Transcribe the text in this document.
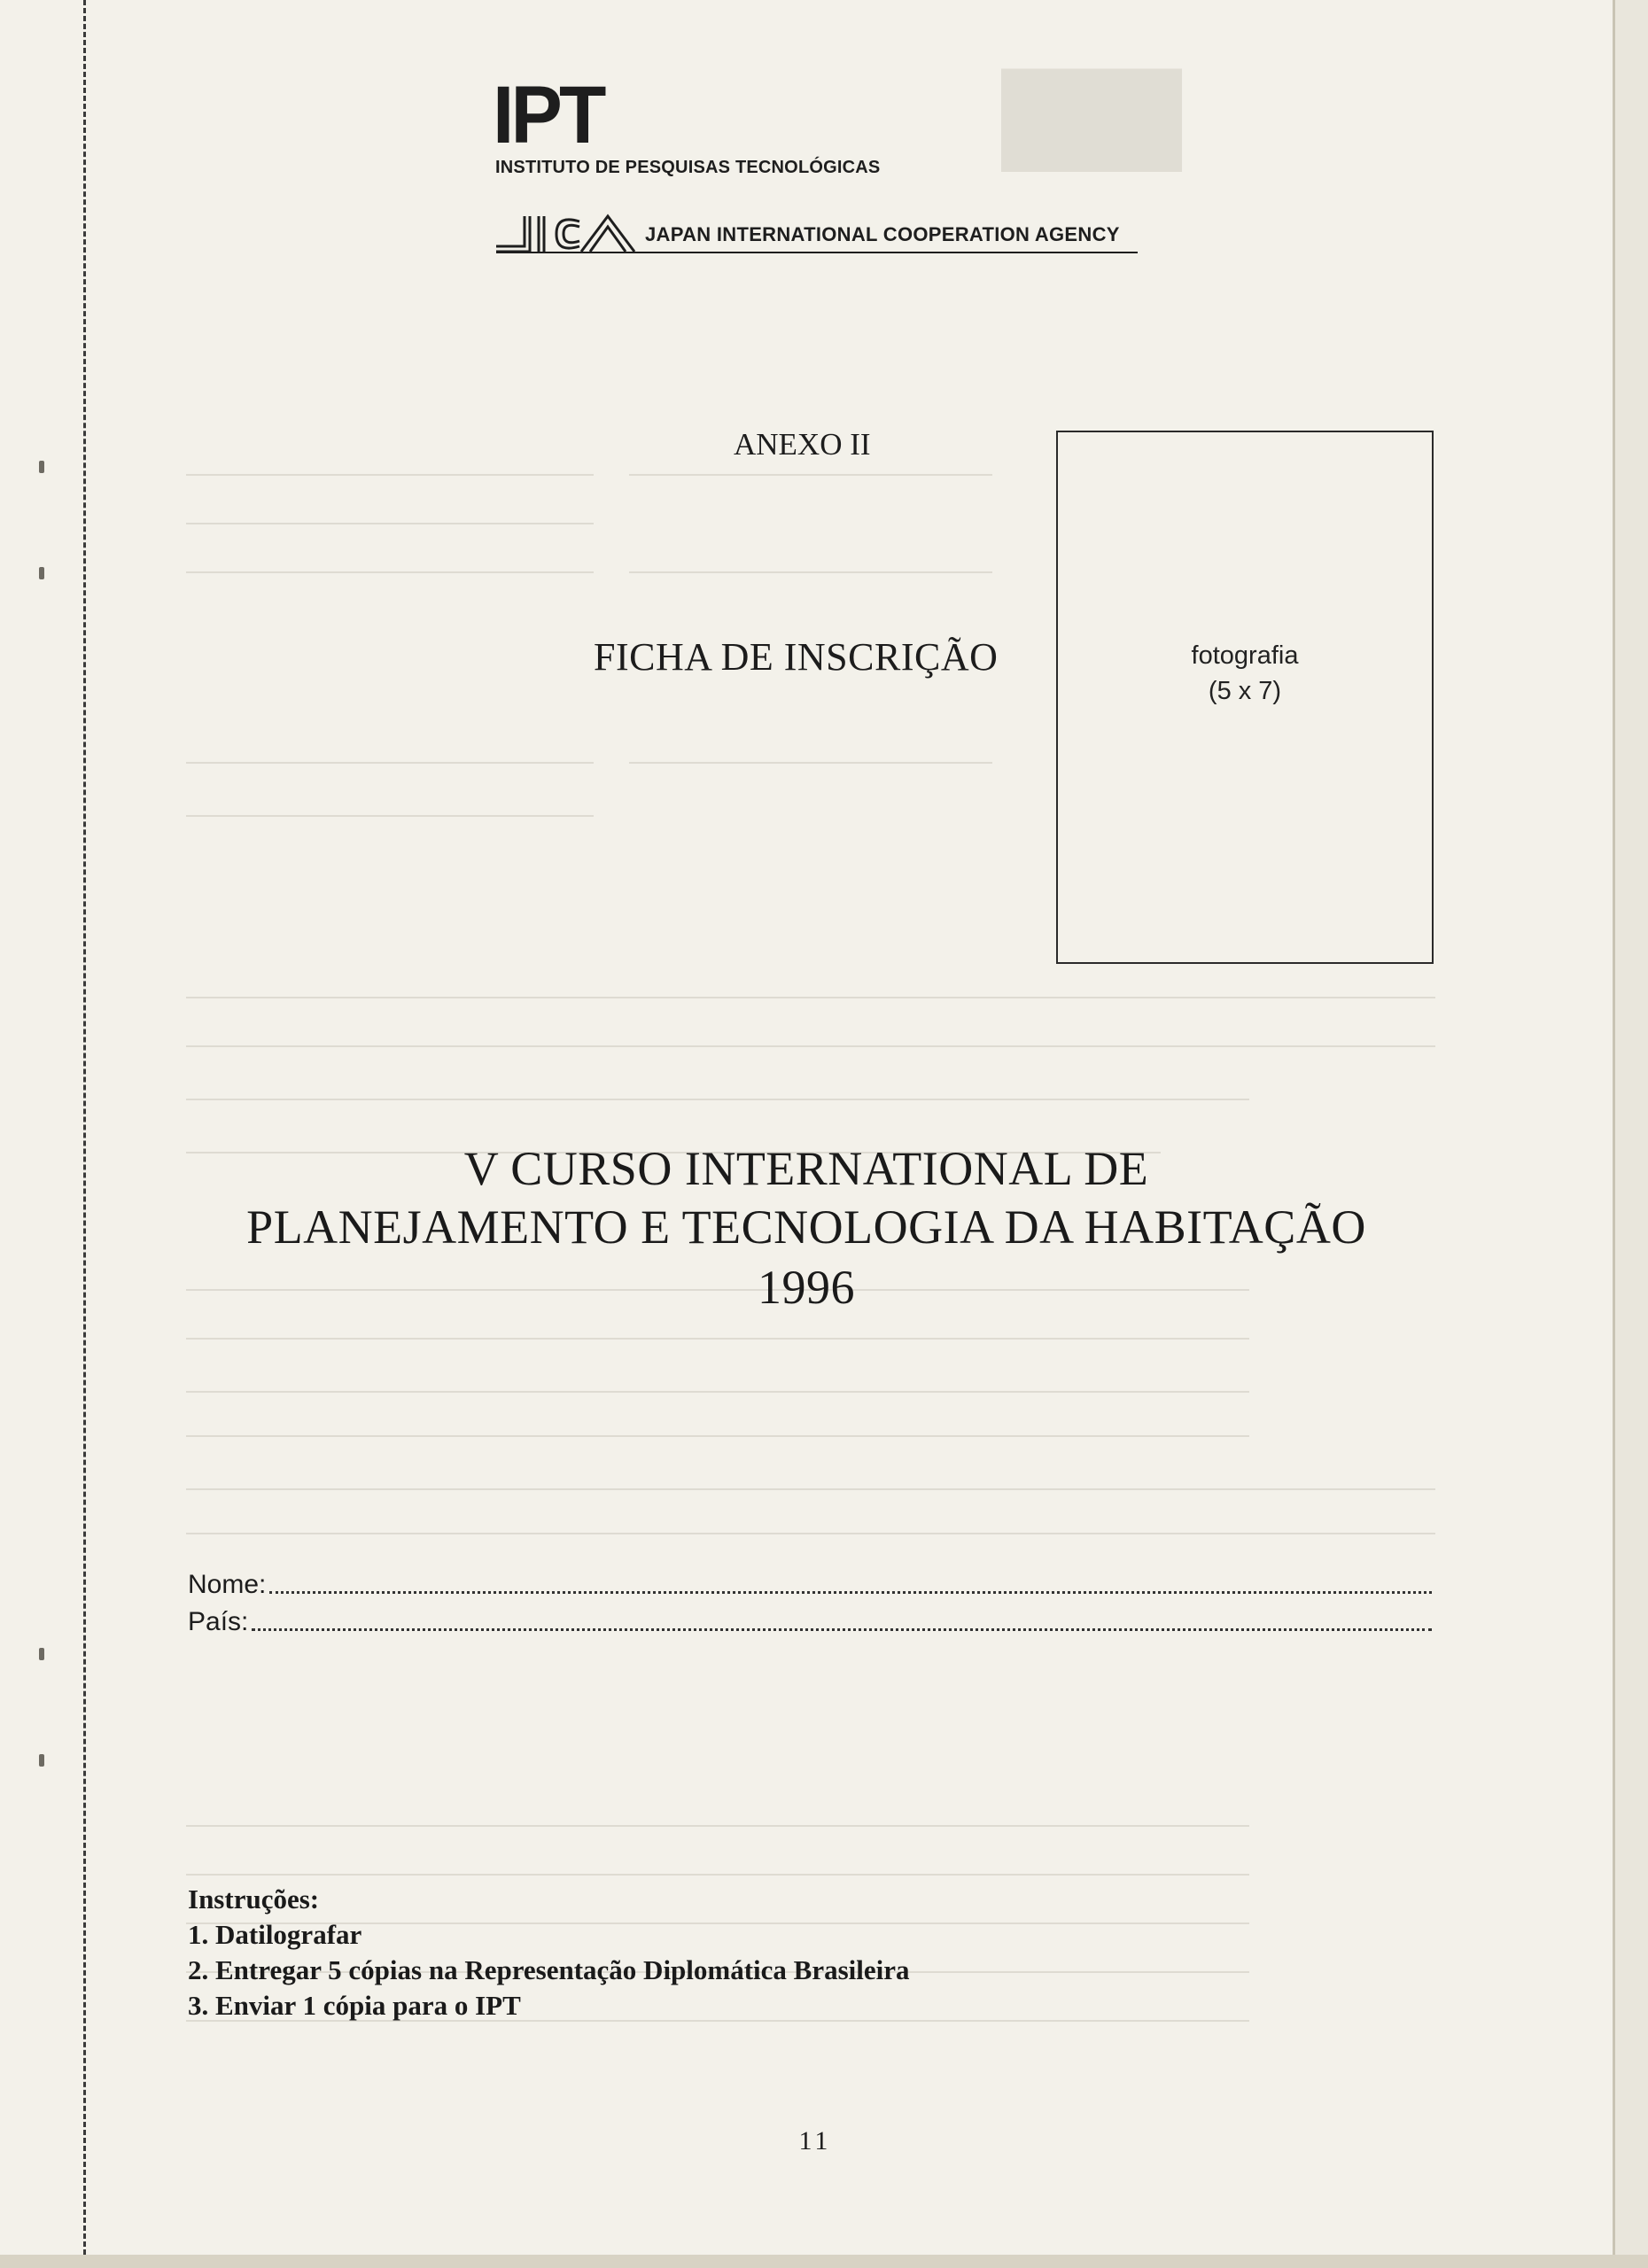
███
IPT
INSTITUTO DE PESQUISAS TECNOLÓGICAS
JAPAN INTERNATIONAL COOPERATION AGENCY
ANEXO II
FICHA DE INSCRIÇÃO	fotografia
(5 x 7)
V CURSO INTERNATIONAL DE
PLANEJAMENTO E TECNOLOGIA DA HABITAÇÃO
1996
Nome:
País:
Instruções:
1. Datilografar
2. Entregar 5 cópias na Representação Diplomática Brasileira
3. Enviar 1 cópia para o IPT
11
